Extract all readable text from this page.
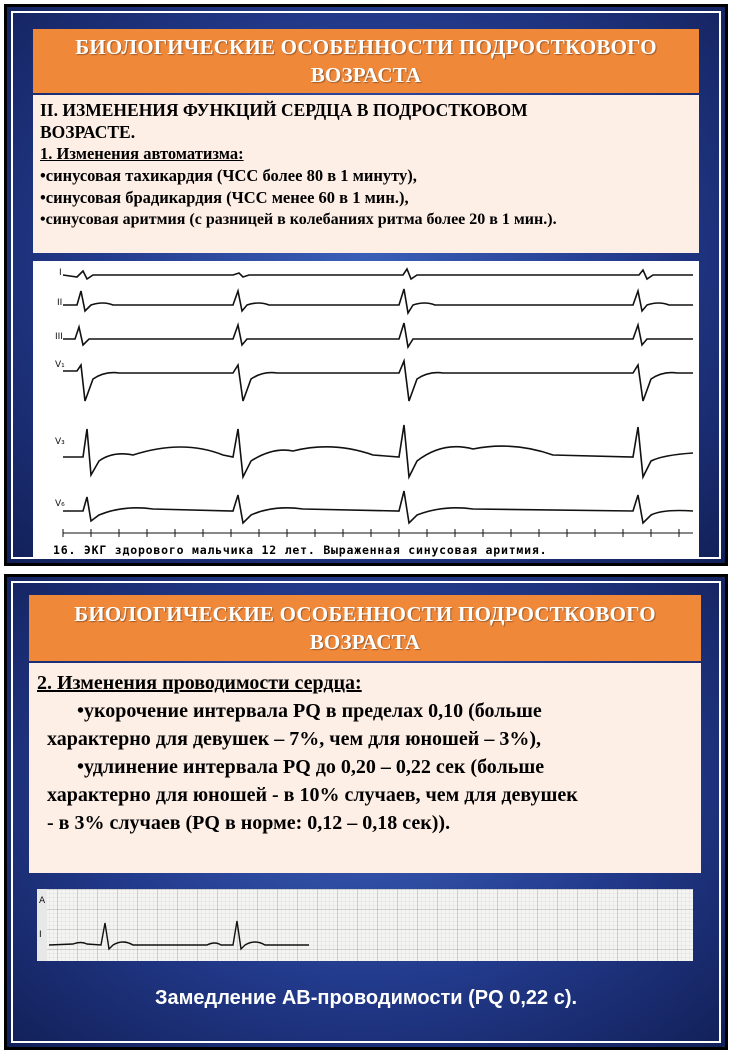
БИОЛОГИЧЕСКИЕ ОСОБЕННОСТИ ПОДРОСТКОВОГО
ВОЗРАСТА
II. ИЗМЕНЕНИЯ ФУНКЦИЙ СЕРДЦА В ПОДРОСТКОВОМ
ВОЗРАСТЕ.
1. Изменения автоматизма:
•синусовая тахикардия (ЧСС более 80 в 1 минуту),
•синусовая брадикардия (ЧСС менее 60 в 1 мин.),
•синусовая аритмия (с разницей в колебаниях ритма более 20 в 1 мин.).
I
II
III
V₁
V₃
V₆
16. ЭКГ здорового мальчика 12 лет. Выраженная синусовая аритмия.
БИОЛОГИЧЕСКИЕ ОСОБЕННОСТИ ПОДРОСТКОВОГО
ВОЗРАСТА
2. Изменения проводимости сердца:
•укорочение интервала PQ в пределах 0,10 (больше
характерно для девушек – 7%, чем для юношей – 3%),
•удлинение интервала PQ до 0,20 – 0,22 сек (больше
характерно для юношей - в 10% случаев, чем для девушек
- в 3% случаев (PQ в норме: 0,12 – 0,18 сек)).
A
I
Замедление АВ-проводимости (PQ 0,22 с).
